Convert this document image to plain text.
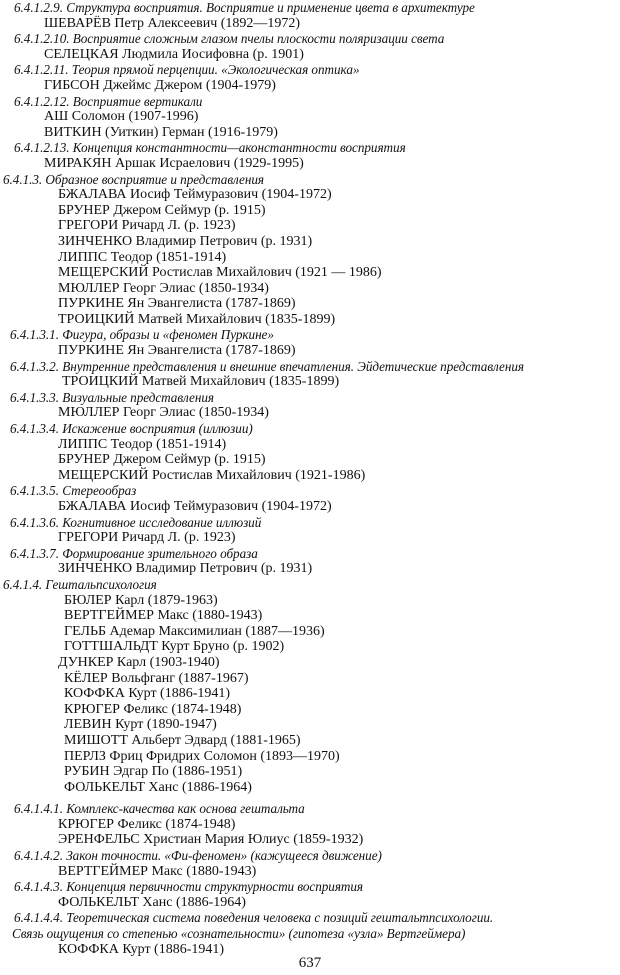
6.4.1.2.9. Структура восприятия. Восприятие и применение цвета в архитектуре
ШЕВАРЁВ Петр Алексеевич (1892—1972)
6.4.1.2.10. Восприятие сложным глазом пчелы плоскости поляризации света
СЕЛЕЦКАЯ Людмила Иосифовна (р. 1901)
6.4.1.2.11. Теория прямой перцепции. «Экологическая оптика»
ГИБСОН Джеймс Джером (1904-1979)
6.4.1.2.12. Восприятие вертикали
АШ Соломон (1907-1996)
ВИТКИН (Уиткин) Герман (1916-1979)
6.4.1.2.13. Концепция константности—аконстантности восприятия
МИРАКЯН Аршак Исраелович (1929-1995)
6.4.1.3. Образное восприятие и представления
БЖАЛАВА Иосиф Теймуразович (1904-1972)
БРУНЕР Джером Сеймур (р. 1915)
ГРЕГОРИ Ричард Л. (р. 1923)
ЗИНЧЕНКО Владимир Петрович (р. 1931)
ЛИППС Теодор (1851-1914)
МЕЩЕРСКИЙ Ростислав Михайлович (1921 — 1986)
МЮЛЛЕР Георг Элиас (1850-1934)
ПУРКИНЕ Ян Эвангелиста (1787-1869)
ТРОИЦКИЙ Матвей Михайлович (1835-1899)
6.4.1.3.1. Фигура, образы и «феномен Пуркине»
ПУРКИНЕ Ян Эвангелиста (1787-1869)
6.4.1.3.2. Внутренние представления и внешние впечатления. Эйдетические представления
ТРОИЦКИЙ Матвей Михайлович (1835-1899)
6.4.1.3.3. Визуальные представления
МЮЛЛЕР Георг Элиас (1850-1934)
6.4.1.3.4. Искажение восприятия (иллюзии)
ЛИППС Теодор (1851-1914)
БРУНЕР Джером Сеймур (р. 1915)
МЕЩЕРСКИЙ Ростислав Михайлович (1921-1986)
6.4.1.3.5. Стереообраз
БЖАЛАВА Иосиф Теймуразович (1904-1972)
6.4.1.3.6. Когнитивное исследование иллюзий
ГРЕГОРИ Ричард Л. (р. 1923)
6.4.1.3.7. Формирование зрительного образа
ЗИНЧЕНКО Владимир Петрович (р. 1931)
6.4.1.4. Гештальпсихология
БЮЛЕР Карл (1879-1963)
ВЕРТГЕЙМЕР Макс (1880-1943)
ГЕЛЬБ Адемар Максимилиан (1887—1936)
ГОТТШАЛЬДТ Курт Бруно (р. 1902)
ДУНКЕР Карл (1903-1940)
КЁЛЕР Вольфганг (1887-1967)
КОФФКА Курт (1886-1941)
КРЮГЕР Феликс (1874-1948)
ЛЕВИН Курт (1890-1947)
МИШОТТ Альберт Эдвард (1881-1965)
ПЕРЛЗ Фриц Фридрих Соломон (1893—1970)
РУБИН Эдгар По (1886-1951)
ФОЛЬКЕЛЬТ Ханс (1886-1964)
6.4.1.4.1. Комплекс-качества как основа гештальта
КРЮГЕР Феликс (1874-1948)
ЭРЕНФЕЛЬС Христиан Мария Юлиус (1859-1932)
6.4.1.4.2. Закон точности. «Фи-феномен» (кажущееся движение)
ВЕРТГЕЙМЕР Макс (1880-1943)
6.4.1.4.3. Концепция первичности структурности восприятия
ФОЛЬКЕЛЬТ Ханс (1886-1964)
6.4.1.4.4. Теоретическая система поведения человека с позиций гештальтпсихологии.
Связь ощущения со степенью «сознательности» (гипотеза «узла» Вертгеймера)
КОФФКА Курт (1886-1941)
637
